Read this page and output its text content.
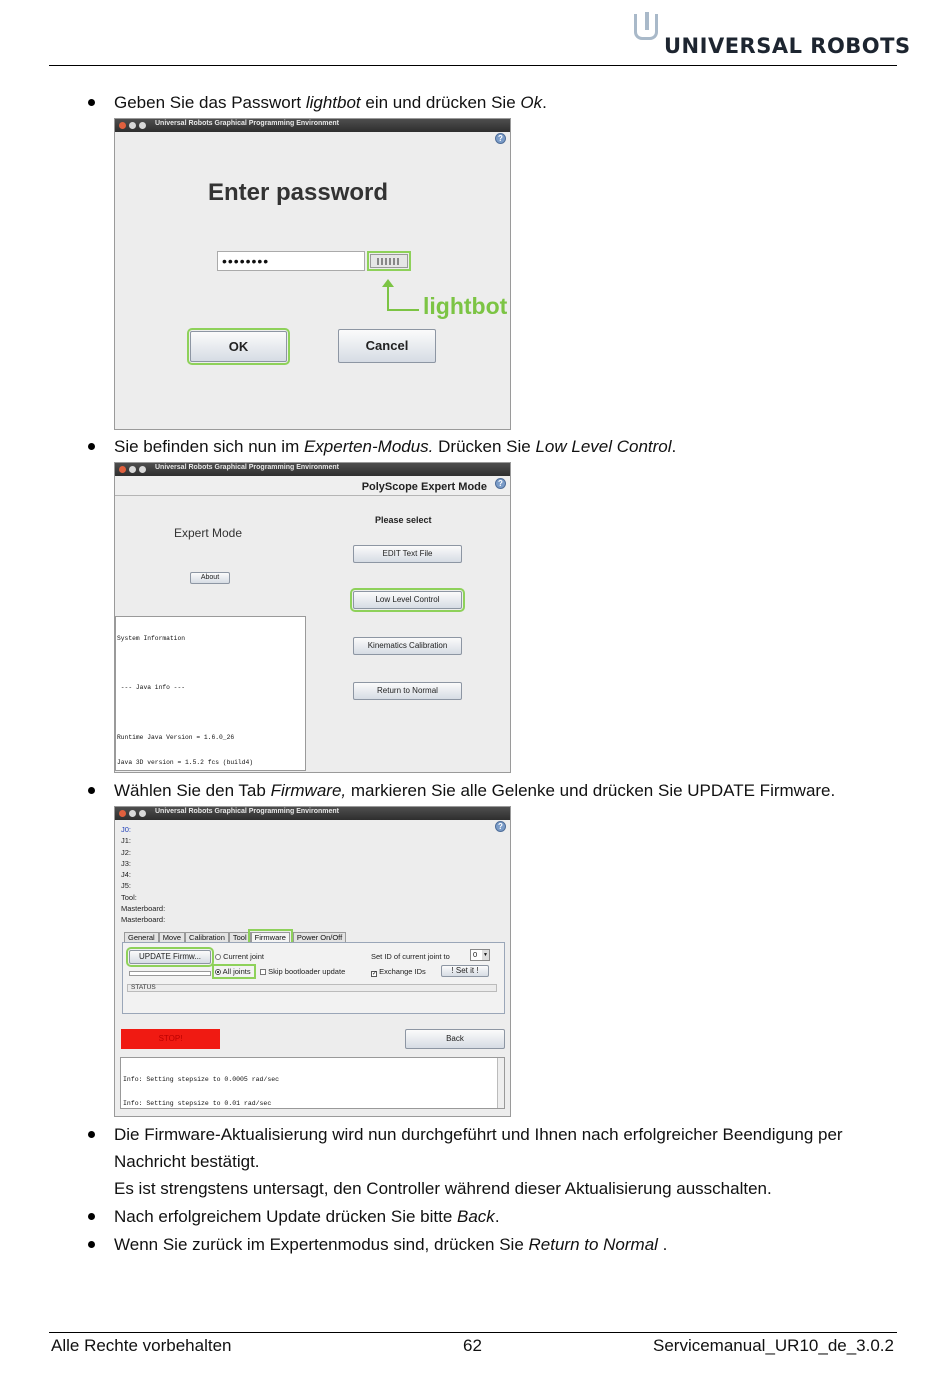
UNIVERSAL ROBOTS
Geben Sie das Passwort lightbot ein und drücken Sie Ok.
Universal Robots Graphical Programming Environment
?
Enter password
••••••••
lightbot
OK	Cancel
Sie befinden sich nun im Experten-Modus. Drücken Sie Low Level Control.
Universal Robots Graphical Programming Environment
PolyScope Expert Mode	?
Expert Mode
About
Please select
EDIT Text File
Low Level Control
Kinematics Calibration
Return to Normal

System Information

--- Java info ---

Runtime Java Version = 1.6.0_26

Java 3D version = 1.5.2 fcs (build4)

Wählen Sie den Tab Firmware, markieren Sie alle Gelenke und drücken Sie UPDATE Firmware.
Universal Robots Graphical Programming Environment
?
J0:
J1:
J2:
J3:
J4:
J5:
Tool:
Masterboard:
Masterboard:
General	Move	Calibration	Tool	Firmware	Power On/Off
UPDATE Firmw...	Current joint
All joints	Skip bootloader update
Set ID of current joint to	0 ▼
✓ Exchange IDs	! Set it !
STATUS
STOP!	Back

Info: Setting stepsize to 0.0005 rad/sec

Info: Setting stepsize to 0.01 rad/sec

Die Firmware-Aktualisierung wird nun durchgeführt und Ihnen nach erfolgreicher Beendigung per
Nachricht bestätigt.
Es ist strengstens untersagt, den Controller während dieser Aktualisierung ausschalten.
Nach erfolgreichem Update drücken Sie bitte Back.
Wenn Sie zurück im Expertenmodus sind, drücken Sie Return to Normal .
Alle Rechte vorbehalten	62	Servicemanual_UR10_de_3.0.2
